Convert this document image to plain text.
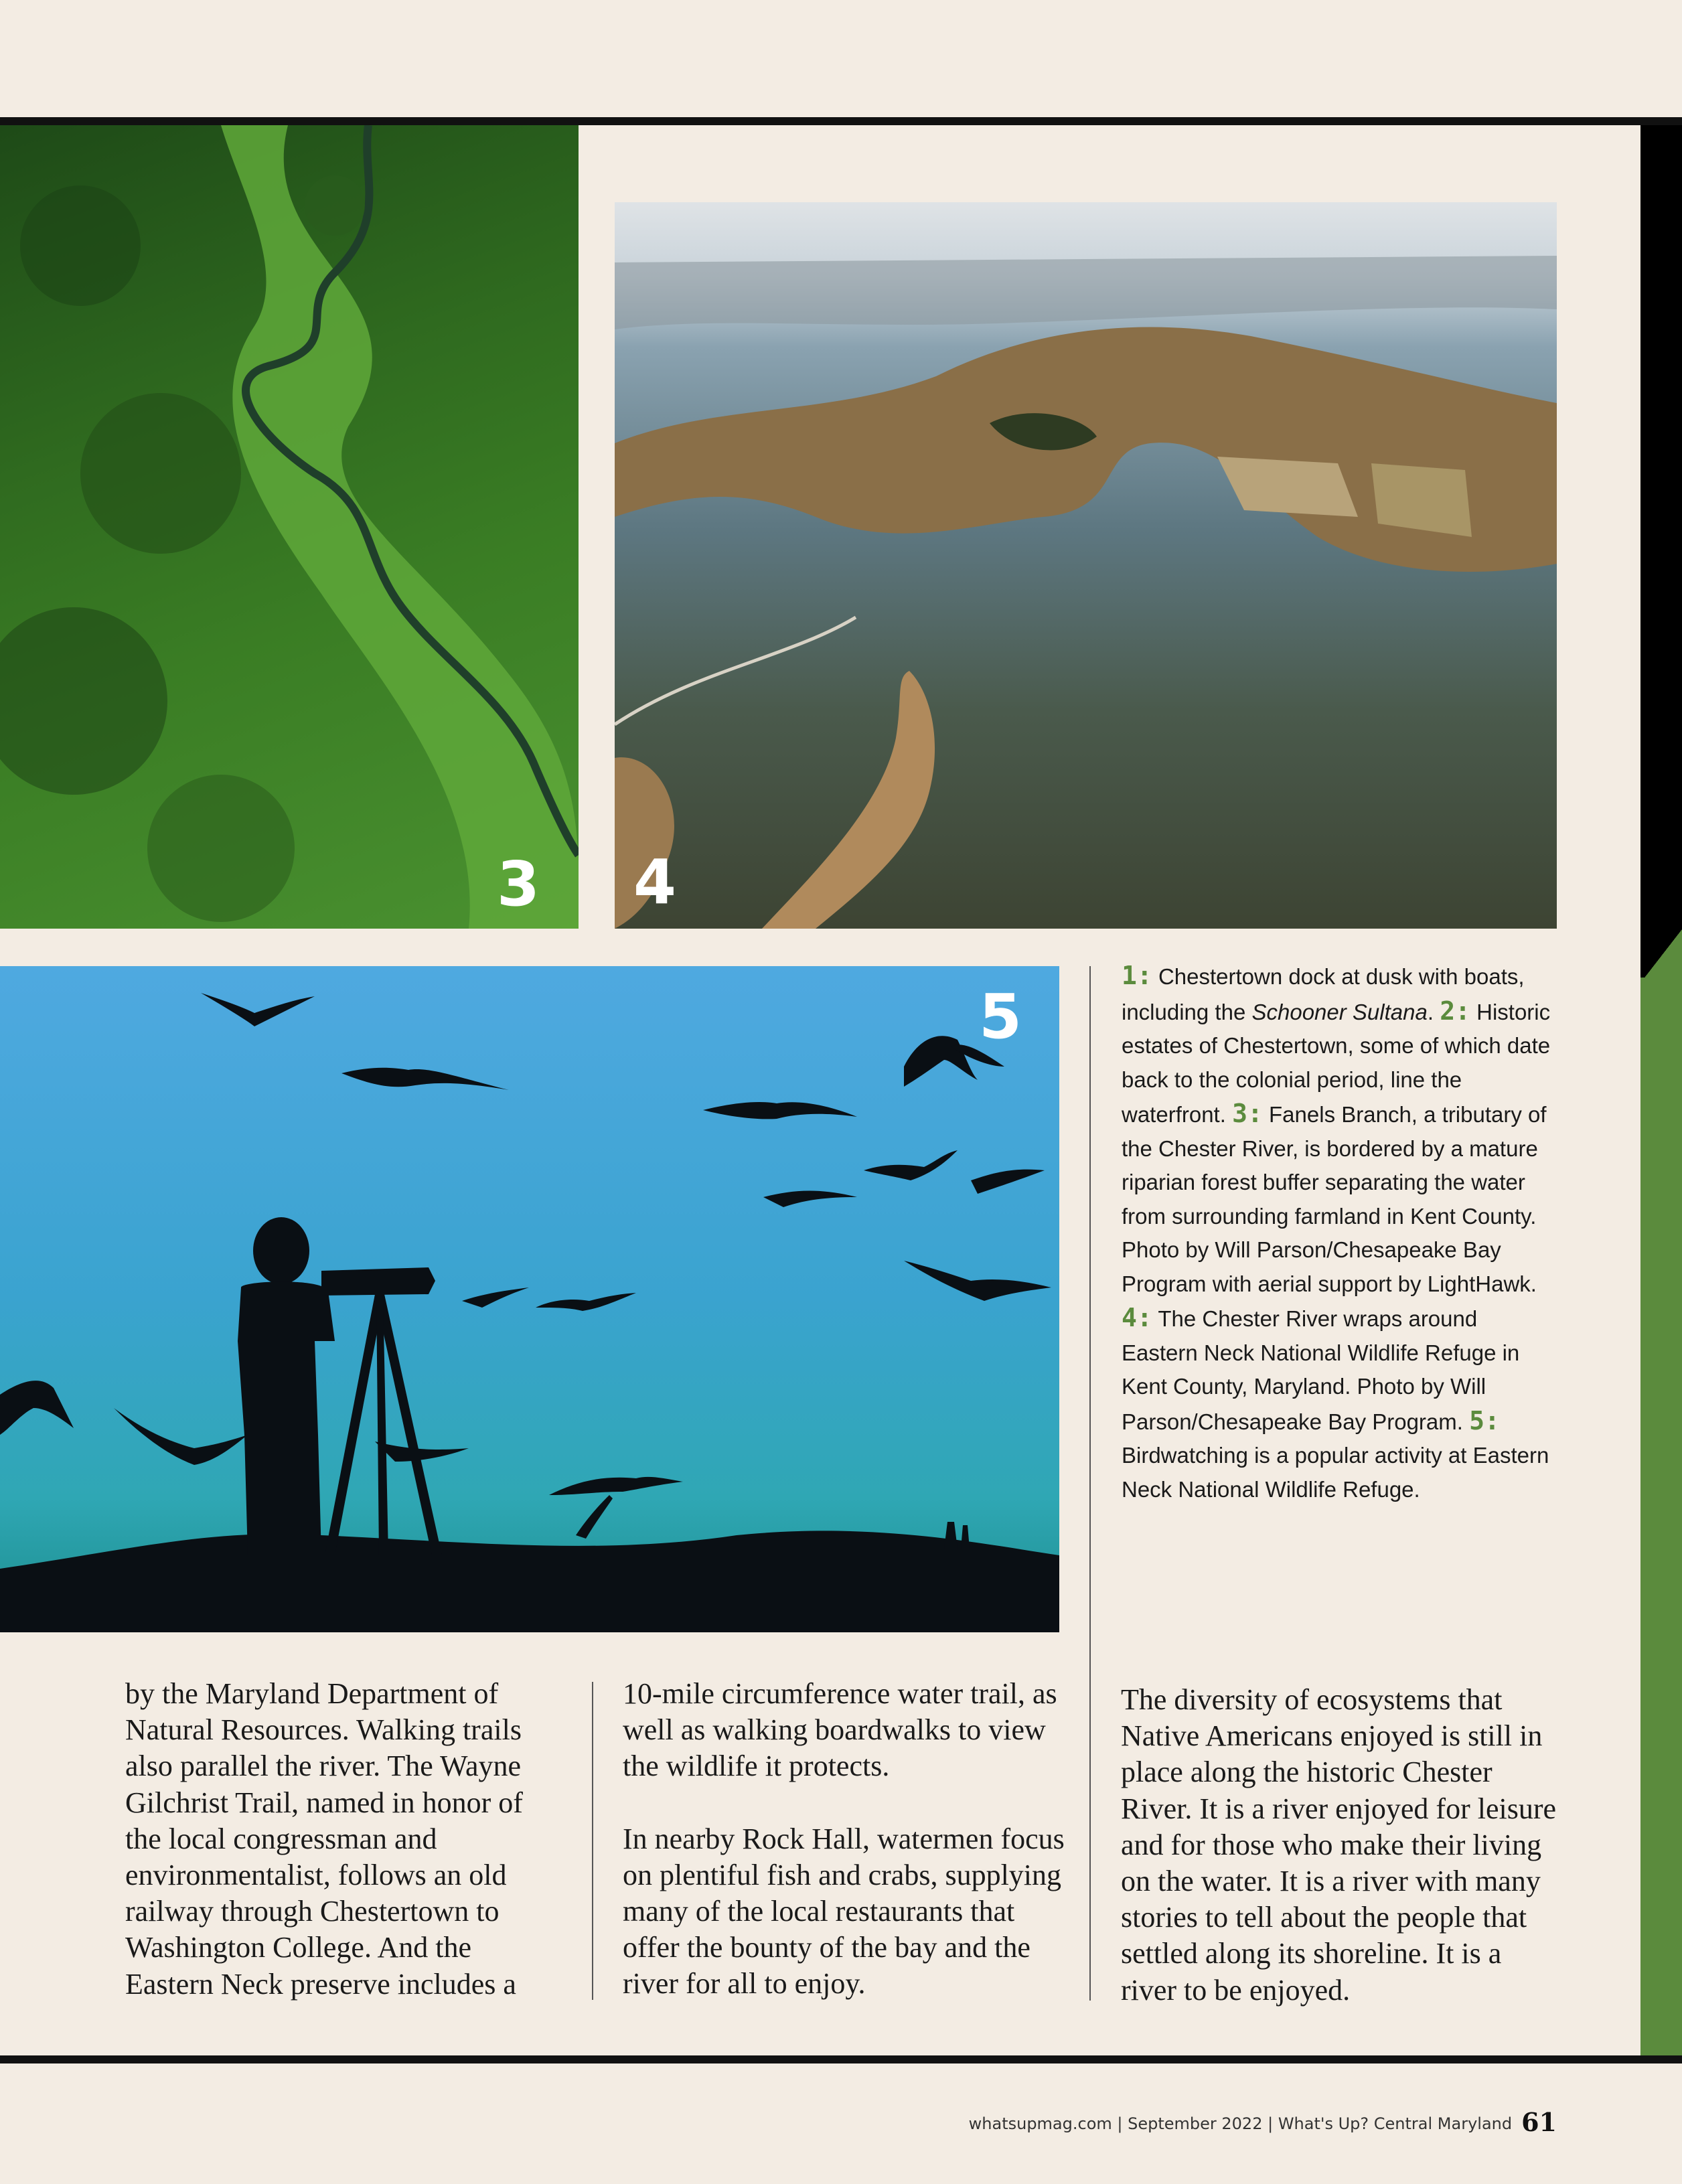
3 4
5
1: Chestertown dock at dusk with boats, including the Schooner Sultana. 2: Historic estates of Chestertown, some of which date back to the colonial period, line the waterfront. 3: Fanels Branch, a tributary of the Chester River, is bordered by a mature riparian forest buffer separating the water from surrounding farmland in Kent County. Photo by Will Parson/Chesapeake Bay Program with aerial support by LightHawk. 4: The Chester River wraps around Eastern Neck National Wildlife Refuge in Kent County, Maryland. Photo by Will Parson/Chesapeake Bay Program. 5: Birdwatching is a popular activity at Eastern Neck National Wildlife Refuge.

by the Maryland Department of Natural Resources. Walking trails also parallel the river. The Wayne Gilchrist Trail, named in honor of the local congressman and environmentalist, follows an old railway through Chestertown to Washington College. And the Eastern Neck preserve includes a

10-mile circumference water trail, as well as walking boardwalks to view the wildlife it protects.

In nearby Rock Hall, watermen focus on plentiful fish and crabs, supplying many of the local restaurants that offer the bounty of the bay and the river for all to enjoy.

The diversity of ecosystems that Native Americans enjoyed is still in place along the historic Chester River. It is a river enjoyed for leisure and for those who make their living on the water. It is a river with many stories to tell about the people that settled along its shoreline. It is a river to be enjoyed.

whatsupmag.com | September 2022 | What's Up? Central Maryland 61
